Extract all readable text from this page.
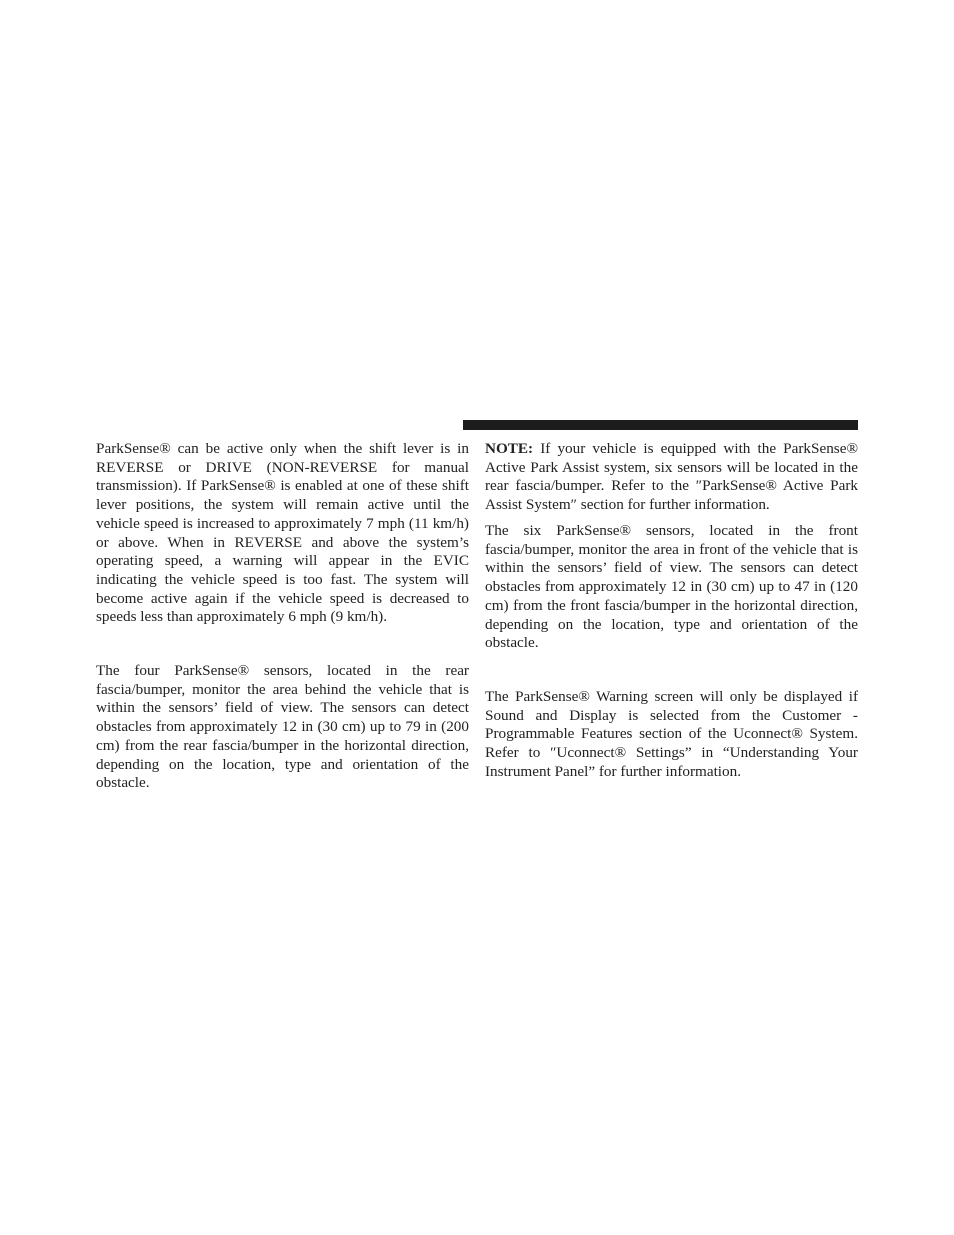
ParkSense® can be active only when the shift lever is in REVERSE or DRIVE (NON-REVERSE for manual transmission). If ParkSense® is enabled at one of these shift lever positions, the system will remain active until the vehicle speed is increased to approximately 7 mph (11 km/h) or above. When in REVERSE and above the system’s operating speed, a warning will appear in the EVIC indicating the vehicle speed is too fast. The system will become active again if the vehicle speed is decreased to speeds less than approximately 6 mph (9 km/h).

The four ParkSense® sensors, located in the rear fascia/bumper, monitor the area behind the vehicle that is within the sensors’ field of view. The sensors can detect obstacles from approximately 12 in (30 cm) up to 79 in (200 cm) from the rear fascia/bumper in the horizontal direction, depending on the location, type and orientation of the obstacle.

NOTE: If your vehicle is equipped with the ParkSense® Active Park Assist system, six sensors will be located in the rear fascia/bumper. Refer to the ″ParkSense® Active Park Assist System″ section for further information.

The six ParkSense® sensors, located in the front fascia/bumper, monitor the area in front of the vehicle that is within the sensors’ field of view. The sensors can detect obstacles from approximately 12 in (30 cm) up to 47 in (120 cm) from the front fascia/bumper in the horizontal direction, depending on the location, type and orientation of the obstacle.

The ParkSense® Warning screen will only be displayed if Sound and Display is selected from the Customer - Programmable Features section of the Uconnect® System. Refer to ″Uconnect® Settings” in “Understanding Your Instrument Panel” for further information.
